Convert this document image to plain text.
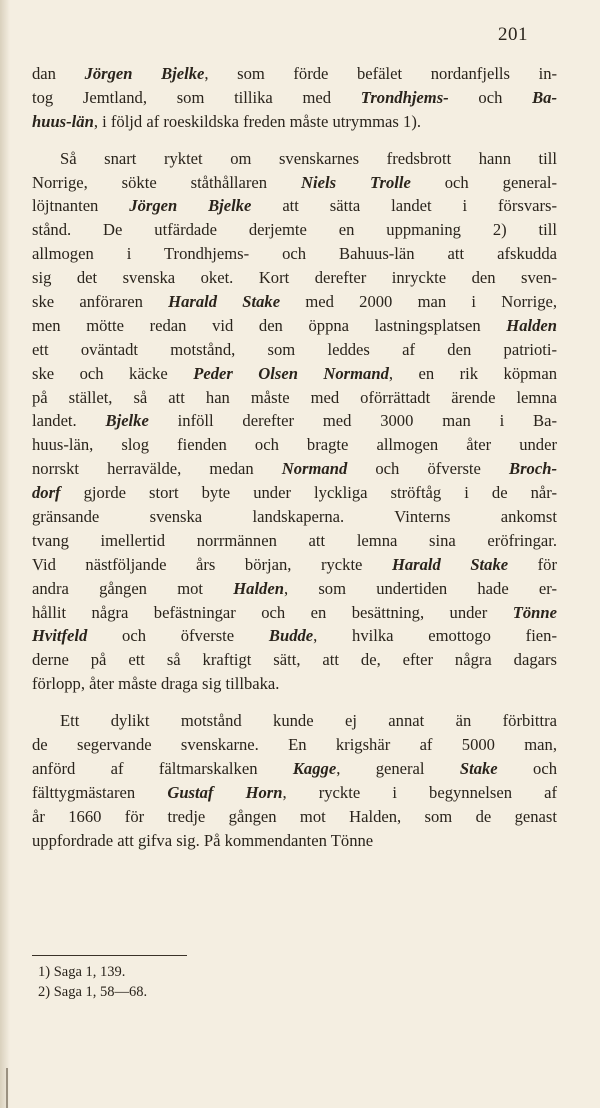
201
dan Jörgen Bjelke, som förde befälet nordanfjells in-
tog Jemtland, som tillika med Trondhjems- och Ba-
huus-län, i följd af roeskildska freden måste utrymmas 1).
Så snart ryktet om svenskarnes fredsbrott hann till
Norrige, sökte ståthållaren Niels Trolle och general-
löjtnanten Jörgen Bjelke att sätta landet i försvars-
stånd. De utfärdade derjemte en uppmaning 2) till
allmogen i Trondhjems- och Bahuus-län att afskudda
sig det svenska oket. Kort derefter inryckte den sven-
ske anföraren Harald Stake med 2000 man i Norrige,
men mötte redan vid den öppna lastningsplatsen Halden
ett oväntadt motstånd, som leddes af den patrioti-
ske och käcke Peder Olsen Normand, en rik köpman
på stället, så att han måste med oförrättadt ärende lemna
landet. Bjelke inföll derefter med 3000 man i Ba-
huus-län, slog fienden och bragte allmogen åter under
norrskt herravälde, medan Normand och öfverste Broch-
dorf gjorde stort byte under lyckliga ströftåg i de når-
gränsande svenska landskaperna. Vinterns ankomst
tvang imellertid norrmännen att lemna sina eröfringar.
Vid nästföljande års början, ryckte Harald Stake för
andra gången mot Halden, som undertiden hade er-
hållit några befästningar och en besättning, under Tönne
Hvitfeld och öfverste Budde, hvilka emottogo fien-
derne på ett så kraftigt sätt, att de, efter några dagars
förlopp, åter måste draga sig tillbaka.
Ett dylikt motstånd kunde ej annat än förbittra
de segervande svenskarne. En krigshär af 5000 man,
anförd af fältmarskalken Kagge, general Stake och
fälttygmästaren Gustaf Horn, ryckte i begynnelsen af
år 1660 för tredje gången mot Halden, som de genast
uppfordrade att gifva sig. På kommendanten Tönne
1) Saga 1, 139.
2) Saga 1, 58—68.
